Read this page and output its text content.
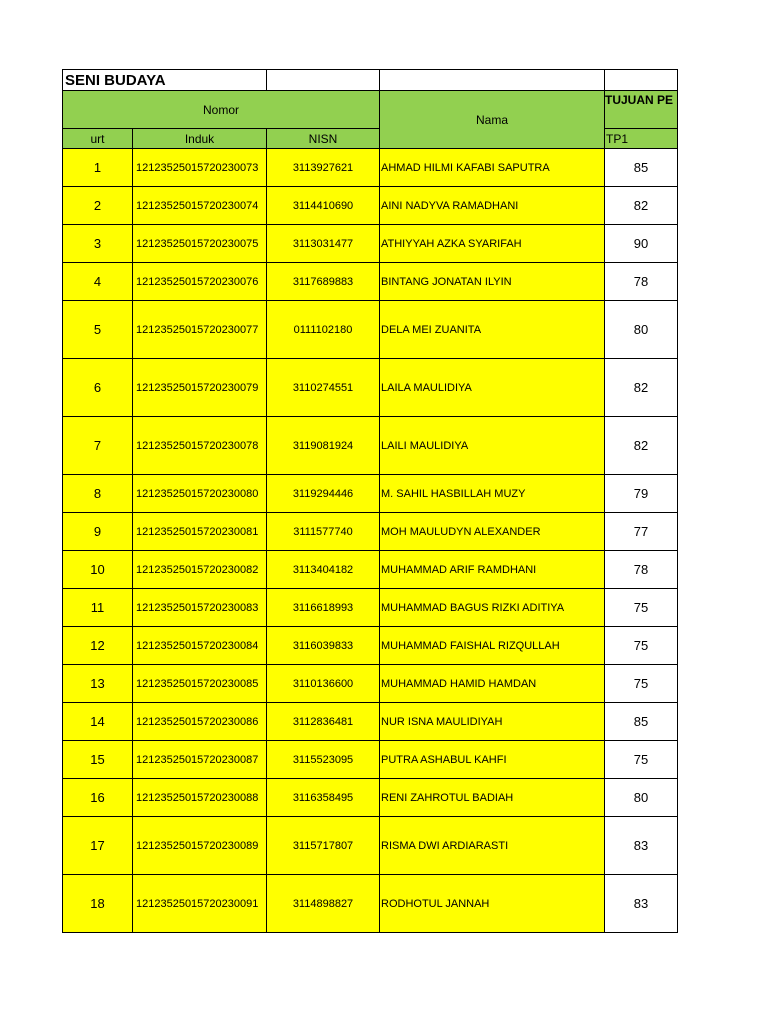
SENI BUDAYA				
Nomor			Nama	TUJUAN PE
urt	Induk	NISN		TP1
1	12123525015720230073	3113927621	AHMAD HILMI KAFABI SAPUTRA	85
2	12123525015720230074	3114410690	AINI NADYVA RAMADHANI	82
3	12123525015720230075	3113031477	ATHIYYAH AZKA SYARIFAH	90
4	12123525015720230076	3117689883	BINTANG JONATAN ILYIN	78
5	12123525015720230077	0111102180	DELA MEI ZUANITA	80
6	12123525015720230079	3110274551	LAILA MAULIDIYA	82
7	12123525015720230078	3119081924	LAILI MAULIDIYA	82
8	12123525015720230080	3119294446	M. SAHIL HASBILLAH MUZY	79
9	12123525015720230081	3111577740	MOH MAULUDYN ALEXANDER	77
10	12123525015720230082	3113404182	MUHAMMAD ARIF RAMDHANI	78
11	12123525015720230083	3116618993	MUHAMMAD BAGUS RIZKI ADITIYA	75
12	12123525015720230084	3116039833	MUHAMMAD FAISHAL RIZQULLAH	75
13	12123525015720230085	3110136600	MUHAMMAD HAMID HAMDAN	75
14	12123525015720230086	3112836481	NUR ISNA MAULIDIYAH	85
15	12123525015720230087	3115523095	PUTRA ASHABUL KAHFI	75
16	12123525015720230088	3116358495	RENI ZAHROTUL BADIAH	80
17	12123525015720230089	3115717807	RISMA DWI ARDIARASTI	83
18	12123525015720230091	3114898827	RODHOTUL JANNAH	83
